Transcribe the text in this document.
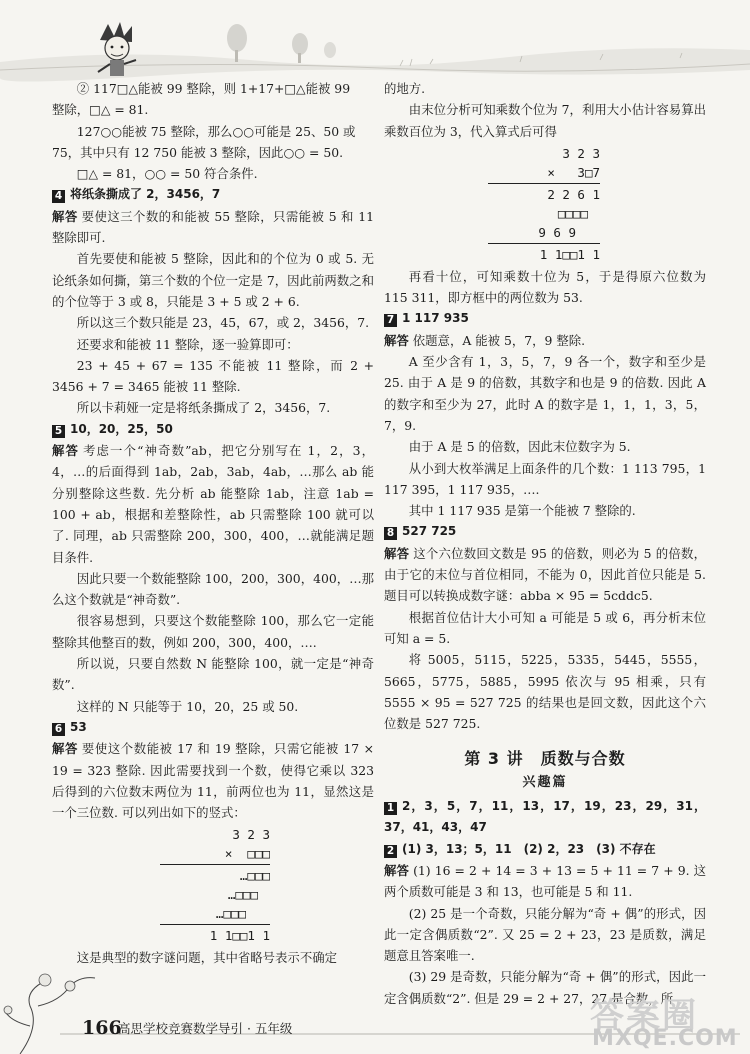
② 117□△能被 99 整除，则 1+17+□△能被 99

整除，□△ = 81.

127○○能被 75 整除，那么○○可能是 25、50 或

75，其中只有 12 750 能被 3 整除，因此○○ = 50.

□△ = 81，○○ = 50 符合条件.

4 将纸条撕成了 2，3456，7

解答 要使这三个数的和能被 55 整除，只需能被 5 和 11 整除即可.

首先要使和能被 5 整除，因此和的个位为 0 或 5. 无论纸条如何撕，第三个数的个位一定是 7，因此前两数之和的个位等于 3 或 8，只能是 3 + 5 或 2 + 6.

所以这三个数只能是 23，45，67，或 2，3456，7.

还要求和能被 11 整除，逐一验算即可：

23 + 45 + 67 = 135 不能被 11 整除，而 2 + 3456 + 7 = 3465 能被 11 整除.

所以卡莉娅一定是将纸条撕成了 2，3456，7.

5 10，20，25，50

解答 考虑一个“神奇数”ab，把它分别写在 1，2，3，4，…的后面得到 1ab，2ab，3ab，4ab，…那么 ab 能分别整除这些数. 先分析 ab 能整除 1ab，注意 1ab = 100 + ab，根据和差整除性，ab 只需整除 100 就可以了. 同理，ab 只需整除 200，300，400，…就能满足题目条件.

因此只要一个数能整除 100，200，300，400，…那么这个数就是“神奇数”.

很容易想到，只要这个数能整除 100，那么它一定能整除其他整百的数，例如 200，300，400，….

所以说，只要自然数 N 能整除 100，就一定是“神奇数”.

这样的 N 只能等于 10，20，25 或 50.

6 53

解答 要使这个数能被 17 和 19 整除，只需它能被 17 × 19 = 323 整除. 因此需要找到一个数，使得它乘以 323 后得到的六位数末两位为 11，前两位也为 11，显然这是一个三位数. 可以列出如下的竖式：

3 2 3
×  □□□
…□□□
…□□□
…□□□
1 1□□1 1

这是典型的数字谜问题，其中省略号表示不确定

的地方.

由末位分析可知乘数个位为 7，利用大小估计容易算出乘数百位为 3，代入算式后可得

3 2 3
×   3□7
2 2 6 1
□□□□
9 6 9
1 1□□1 1

再看十位，可知乘数十位为 5，于是得原六位数为 115 311，即方框中的两位数为 53.

7 1 117 935

解答 依题意，A 能被 5，7，9 整除.

A 至少含有 1，3，5，7，9 各一个，数字和至少是 25. 由于 A 是 9 的倍数，其数字和也是 9 的倍数. 因此 A 的数字和至少为 27，此时 A 的数字是 1，1，1，3，5，7，9.

由于 A 是 5 的倍数，因此末位数字为 5.

从小到大枚举满足上面条件的几个数：1 113 795，1 117 395，1 117 935，….

其中 1 117 935 是第一个能被 7 整除的.

8 527 725

解答 这个六位数回文数是 95 的倍数，则必为 5 的倍数，由于它的末位与首位相同，不能为 0，因此首位只能是 5. 题目可以转换成数字谜：abba × 95 = 5cddc5.

根据首位估计大小可知 a 可能是 5 或 6，再分析末位可知 a = 5.

将 5005，5115，5225，5335，5445，5555，5665，5775，5885，5995 依次与 95 相乘，只有 5555 × 95 = 527 725 的结果也是回文数，因此这个六位数是 527 725.

第 3 讲　质数与合数
兴趣篇

1 2，3，5，7，11，13，17，19，23，29，31，37，41，43，47

2 (1) 3，13；5，11　(2) 2，23　(3) 不存在

解答 (1) 16 = 2 + 14 = 3 + 13 = 5 + 11 = 7 + 9. 这两个质数可能是 3 和 13，也可能是 5 和 11.

(2) 25 是一个奇数，只能分解为“奇 + 偶”的形式，因此一定含偶质数“2”. 又 25 = 2 + 23，23 是质数，满足题意且答案唯一.

(3) 29 是奇数，只能分解为“奇 + 偶”的形式，因此一定含偶质数“2”. 但是 29 = 2 + 27，27 是合数，所

166
高思学校竞赛数学导引 · 五年级	答案圈
MXQE.COM
